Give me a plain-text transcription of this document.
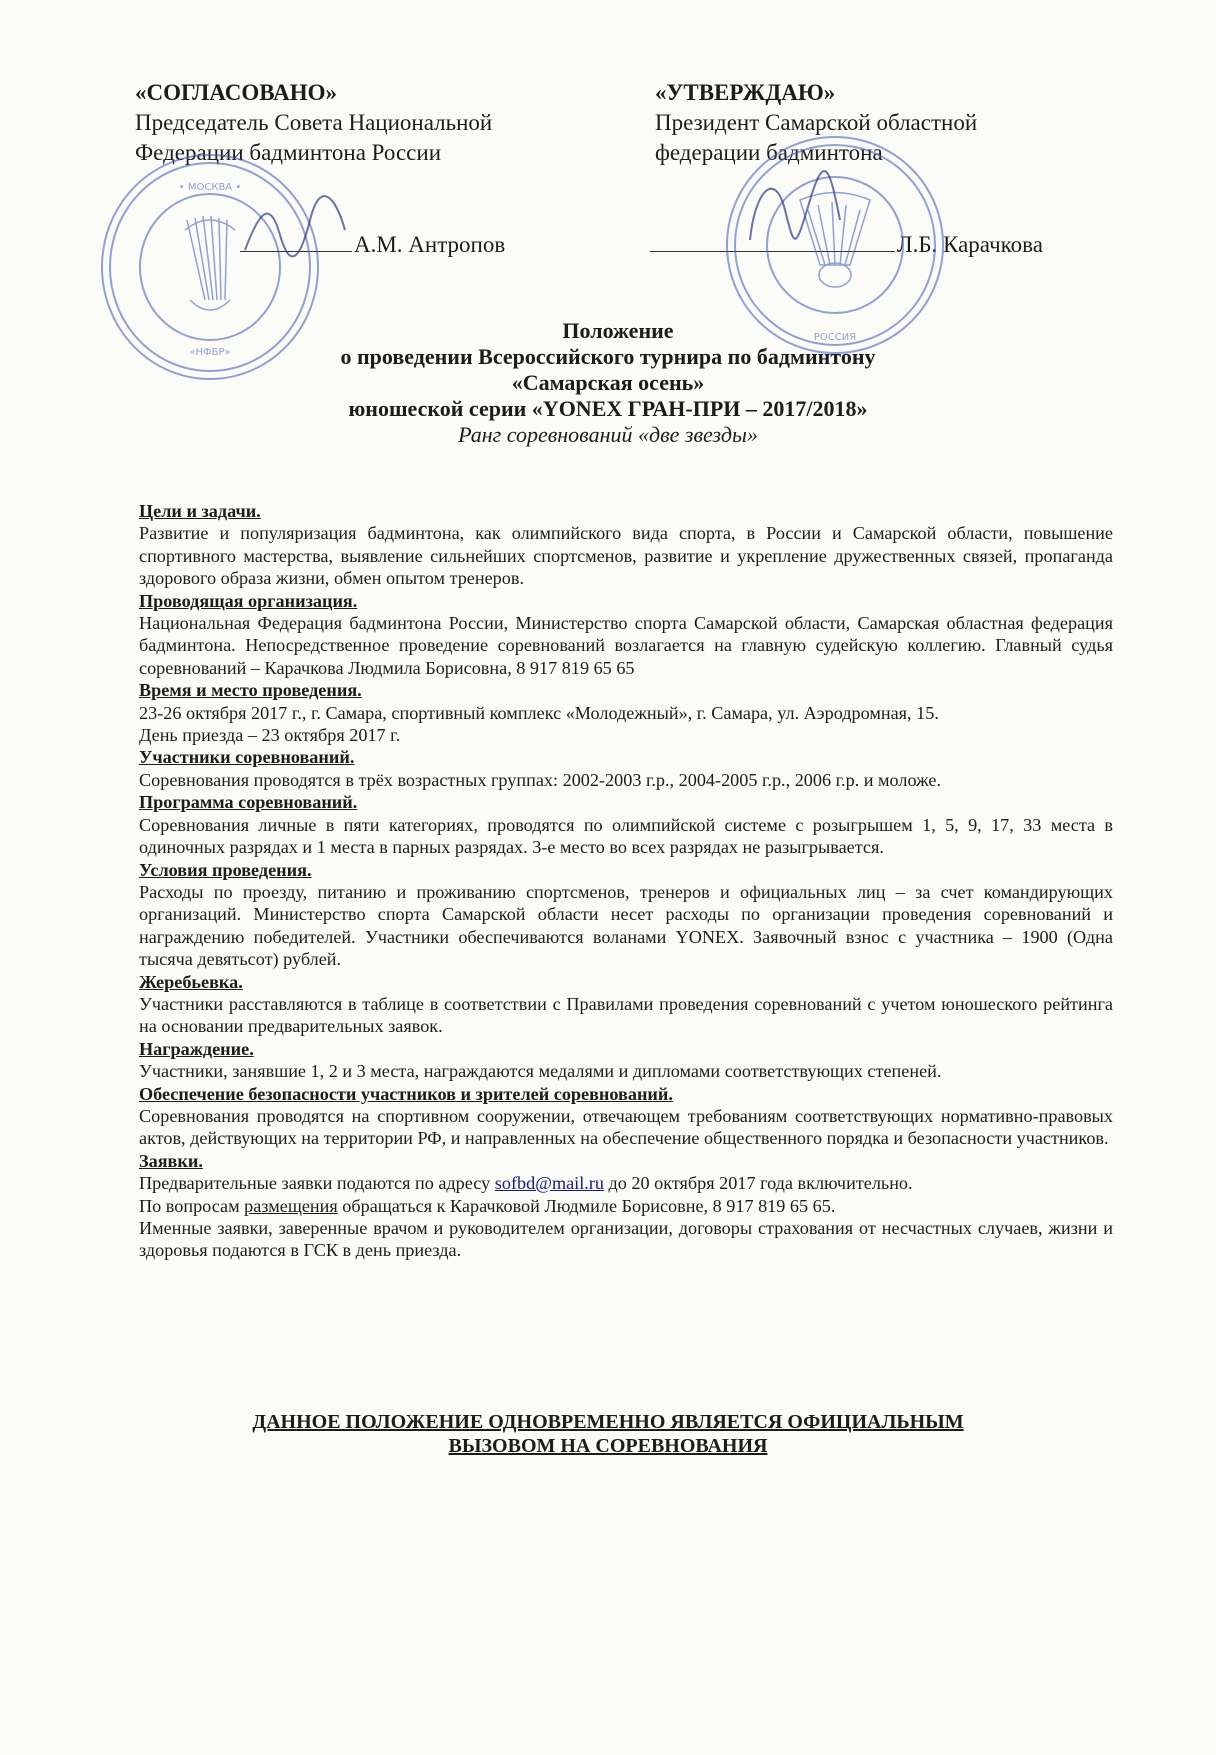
«СОГЛАСОВАНО»
Председатель Совета Национальной
Федерации бадминтона России
А.М. Антропов
«УТВЕРЖДАЮ»
Президент Самарской областной
федерации бадминтона
Л.Б. Карачкова
• МОСКВА •
«НФБР»
РОССИЯ
Положение
о проведении Всероссийского турнира по бадминтону
«Самарская осень»
юношеской серии «YONEX ГРАН-ПРИ – 2017/2018»
Ранг соревнований «две звезды»
Цели и задачи.
Развитие и популяризация бадминтона, как олимпийского вида спорта, в России и Самарской области, повышение спортивного мастерства, выявление сильнейших спортсменов, развитие и укрепление дружественных связей, пропаганда здорового образа жизни, обмен опытом тренеров.
Проводящая организация.
Национальная Федерация бадминтона России, Министерство спорта Самарской области, Самарская областная федерация бадминтона. Непосредственное проведение соревнований возлагается на главную судейскую коллегию. Главный судья соревнований – Карачкова Людмила Борисовна, 8 917 819 65 65
Время и место проведения.
23-26 октября 2017 г., г. Самара, спортивный комплекс «Молодежный», г. Самара, ул. Аэродромная, 15.
День приезда – 23 октября 2017 г.
Участники соревнований.
Соревнования проводятся в трёх возрастных группах: 2002-2003 г.р., 2004-2005 г.р., 2006 г.р. и моложе.
Программа соревнований.
Соревнования личные в пяти категориях, проводятся по олимпийской системе с розыгрышем 1, 5, 9, 17, 33 места в одиночных разрядах и 1 места в парных разрядах. 3-е место во всех разрядах не разыгрывается.
Условия проведения.
Расходы по проезду, питанию и проживанию спортсменов, тренеров и официальных лиц – за счет командирующих организаций. Министерство спорта Самарской области несет расходы по организации проведения соревнований и награждению победителей. Участники обеспечиваются воланами YONEX. Заявочный взнос с участника – 1900 (Одна тысяча девятьсот) рублей.
Жеребьевка.
Участники расставляются в таблице в соответствии с Правилами проведения соревнований с учетом юношеского рейтинга на основании предварительных заявок.
Награждение.
Участники, занявшие 1, 2 и 3 места, награждаются медалями и дипломами соответствующих степеней.
Обеспечение безопасности участников и зрителей соревнований.
Соревнования проводятся на спортивном сооружении, отвечающем требованиям соответствующих нормативно-правовых актов, действующих на территории РФ, и направленных на обеспечение общественного порядка и безопасности участников.
Заявки.
Предварительные заявки подаются по адресу sofbd@mail.ru до 20 октября 2017 года включительно.
По вопросам размещения обращаться к Карачковой Людмиле Борисовне, 8 917 819 65 65.
Именные заявки, заверенные врачом и руководителем организации, договоры страхования от несчастных случаев, жизни и здоровья подаются в ГСК в день приезда.
ДАННОЕ ПОЛОЖЕНИЕ ОДНОВРЕМЕННО ЯВЛЯЕТСЯ ОФИЦИАЛЬНЫМ
ВЫЗОВОМ НА СОРЕВНОВАНИЯ
